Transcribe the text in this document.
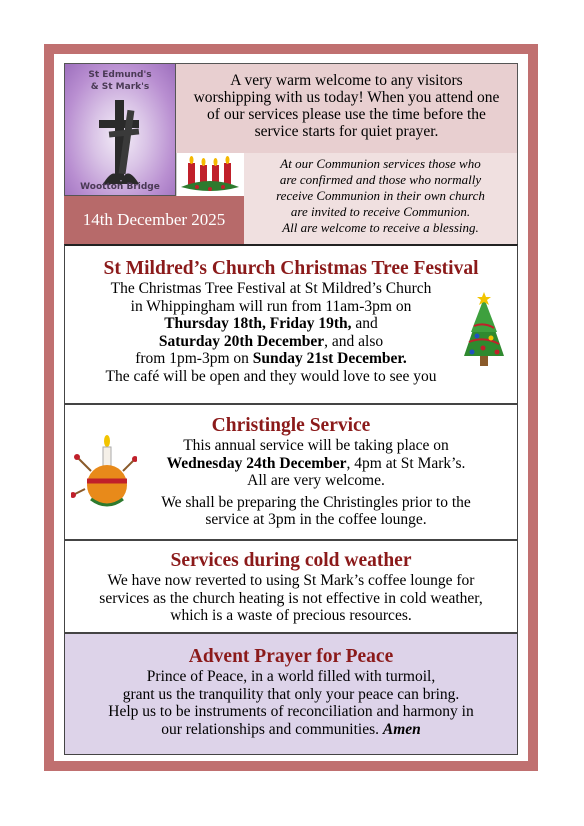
St Edmund's
& St Mark's
Wootton Bridge
A very warm welcome to any visitors
worshipping with us today! When you attend one
of our services please use the time before the
service starts for quiet prayer.
14th December 2025
At our Communion services those who
are confirmed and those who normally
receive Communion in their own church
are invited to receive Communion.
All are welcome to receive a blessing.
St Mildred’s Church Christmas Tree Festival
The Christmas Tree Festival at St Mildred’s Church
in Whippingham will run from 11am-3pm on
Thursday 18th, Friday 19th, and
Saturday 20th December, and also
from 1pm-3pm on Sunday 21st December.
The café will be open and they would love to see you
Christingle Service
This annual service will be taking place on
Wednesday 24th December, 4pm at St Mark’s.
All are very welcome.
We shall be preparing the Christingles prior to the
service at 3pm in the coffee lounge.
Services during cold weather
We have now reverted to using St Mark’s coffee lounge for
services as the church heating is not effective in cold weather,
which is a waste of precious resources.
Advent Prayer for Peace
Prince of Peace, in a world filled with turmoil,
grant us the tranquility that only your peace can bring.
Help us to be instruments of reconciliation and harmony in
our relationships and communities. Amen
